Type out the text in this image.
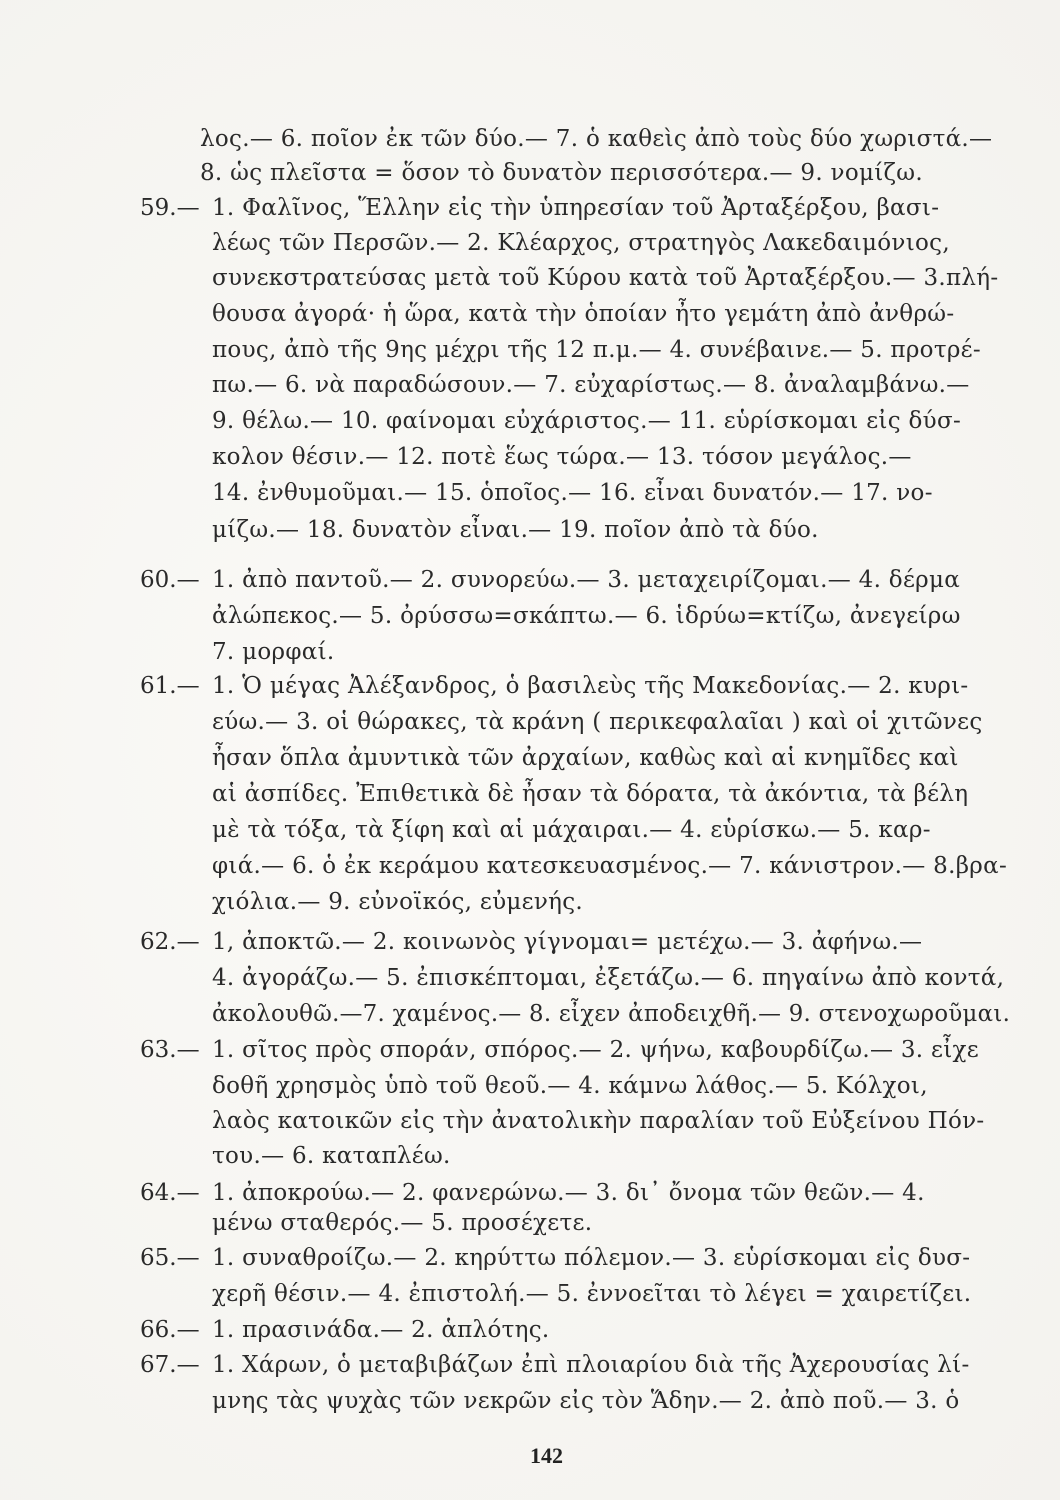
59.—
60.—
61.—
62.—
63.—
64.—
65.—
66.—
67.—
λος.— 6. ποῖον ἐκ τῶν δύο.— 7. ὁ καθεὶς ἀπὸ τοὺς δύο χωριστά.—
8. ὡς πλεῖστα = ὅσον τὸ δυνατὸν περισσότερα.— 9. νομίζω.
1. Φαλῖνος, Ἕλλην εἰς τὴν ὑπηρεσίαν τοῦ Ἀρταξέρξου, βασι-
λέως τῶν Περσῶν.— 2. Κλέαρχος, στρατηγὸς Λακεδαιμόνιος,
συνεκστρατεύσας μετὰ τοῦ Κύρου κατὰ τοῦ Ἀρταξέρξου.— 3.πλή-
θουσα ἀγορά· ἡ ὥρα, κατὰ τὴν ὁποίαν ἦτο γεμάτη ἀπὸ ἀνθρώ-
πους, ἀπὸ τῆς 9ης μέχρι τῆς 12 π.μ.— 4. συνέβαινε.— 5. προτρέ-
πω.— 6. νὰ παραδώσουν.— 7. εὐχαρίστως.— 8. ἀναλαμβάνω.—
9. θέλω.— 10. φαίνομαι εὐχάριστος.— 11. εὑρίσκομαι εἰς δύσ-
κολον θέσιν.— 12. ποτὲ ἕως τώρα.— 13. τόσον μεγάλος.—
14. ἐνθυμοῦμαι.— 15. ὁποῖος.— 16. εἶναι δυνατόν.— 17. νο-
μίζω.— 18. δυνατὸν εἶναι.— 19. ποῖον ἀπὸ τὰ δύο.
1. ἀπὸ παντοῦ.— 2. συνορεύω.— 3. μεταχειρίζομαι.— 4. δέρμα
ἀλώπεκος.— 5. ὀρύσσω=σκάπτω.— 6. ἱδρύω=κτίζω, ἀνεγείρω
7. μορφαί.
1. Ὁ μέγας Ἀλέξανδρος, ὁ βασιλεὺς τῆς Μακεδονίας.— 2. κυρι-
εύω.— 3. οἱ θώρακες, τὰ κράνη ( περικεφαλαῖαι ) καὶ οἱ χιτῶνες
ἦσαν ὅπλα ἀμυντικὰ τῶν ἀρχαίων, καθὼς καὶ αἱ κνημῖδες καὶ
αἱ ἀσπίδες. Ἐπιθετικὰ δὲ ἦσαν τὰ δόρατα, τὰ ἀκόντια, τὰ βέλη
μὲ τὰ τόξα, τὰ ξίφη καὶ αἱ μάχαιραι.— 4. εὑρίσκω.— 5. καρ-
φιά.— 6. ὁ ἐκ κεράμου κατεσκευασμένος.— 7. κάνιστρον.— 8.βρα-
χιόλια.— 9. εὐνοϊκός, εὐμενής.
1, ἀποκτῶ.— 2. κοινωνὸς γίγνομαι= μετέχω.— 3. ἀφήνω.—
4. ἀγοράζω.— 5. ἐπισκέπτομαι, ἐξετάζω.— 6. πηγαίνω ἀπὸ κοντά,
ἀκολουθῶ.—7. χαμένος.— 8. εἶχεν ἀποδειχθῆ.— 9. στενοχωροῦμαι.
1. σῖτος πρὸς σποράν, σπόρος.— 2. ψήνω, καβουρδίζω.— 3. εἶχε
δοθῆ χρησμὸς ὑπὸ τοῦ θεοῦ.— 4. κάμνω λάθος.— 5. Κόλχοι,
λαὸς κατοικῶν εἰς τὴν ἀνατολικὴν παραλίαν τοῦ Εὐξείνου Πόν-
του.— 6. καταπλέω.
1. ἀποκρούω.— 2. φανερώνω.— 3. δι᾽ ὄνομα τῶν θεῶν.— 4.
μένω σταθερός.— 5. προσέχετε.
1. συναθροίζω.— 2. κηρύττω πόλεμον.— 3. εὑρίσκομαι εἰς δυσ-
χερῆ θέσιν.— 4. ἐπιστολή.— 5. ἐννοεῖται τὸ λέγει = χαιρετίζει.
1. πρασινάδα.— 2. ἁπλότης.
1. Χάρων, ὁ μεταβιβάζων ἐπὶ πλοιαρίου διὰ τῆς Ἀχερουσίας λί-
μνης τὰς ψυχὰς τῶν νεκρῶν εἰς τὸν Ἅδην.— 2. ἀπὸ ποῦ.— 3. ὁ
142
